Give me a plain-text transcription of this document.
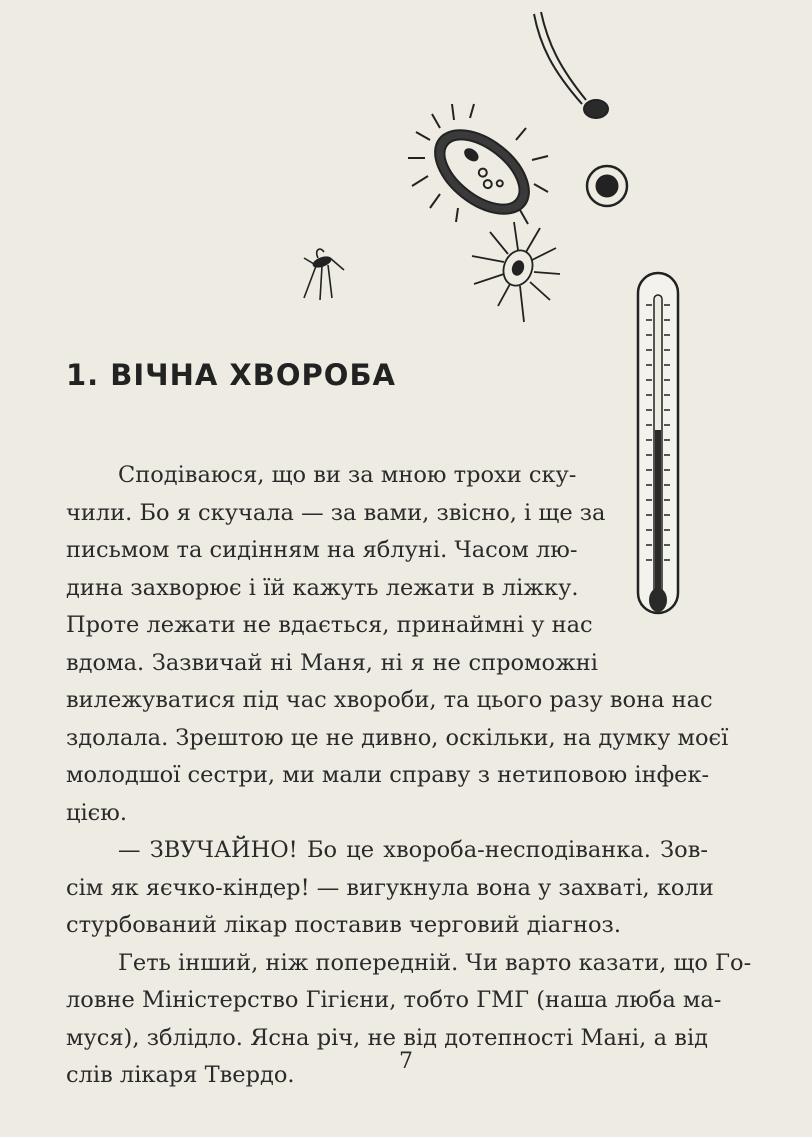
1. ВІЧНА ХВОРОБА
Сподіваюся, що ви за мною трохи ску-
чили. Бо я скучала — за вами, звісно, і ще за
письмом та сидінням на яблуні. Часом лю-
дина захворює і їй кажуть лежати в ліжку.
Проте лежати не вдається, принаймні у нас
вдома. Зазвичай ні Маня, ні я не спроможні
вилежуватися під час хвороби, та цього разу вона нас
здолала. Зрештою це не дивно, оскільки, на думку моєї
молодшої сестри, ми мали справу з нетиповою інфек-
цією.
— ЗВУЧАЙНО! Бо це хвороба-несподіванка. Зов-
сім як яєчко-кіндер! — вигукнула вона у захваті, коли
стурбований лікар поставив черговий діагноз.
Геть інший, ніж попередній. Чи варто казати, що Го-
ловне Міністерство Гігієни, тобто ГМГ (наша люба ма-
муся), зблідло. Ясна річ, не від дотепності Мані, а від
слів лікаря Твердо.
7
